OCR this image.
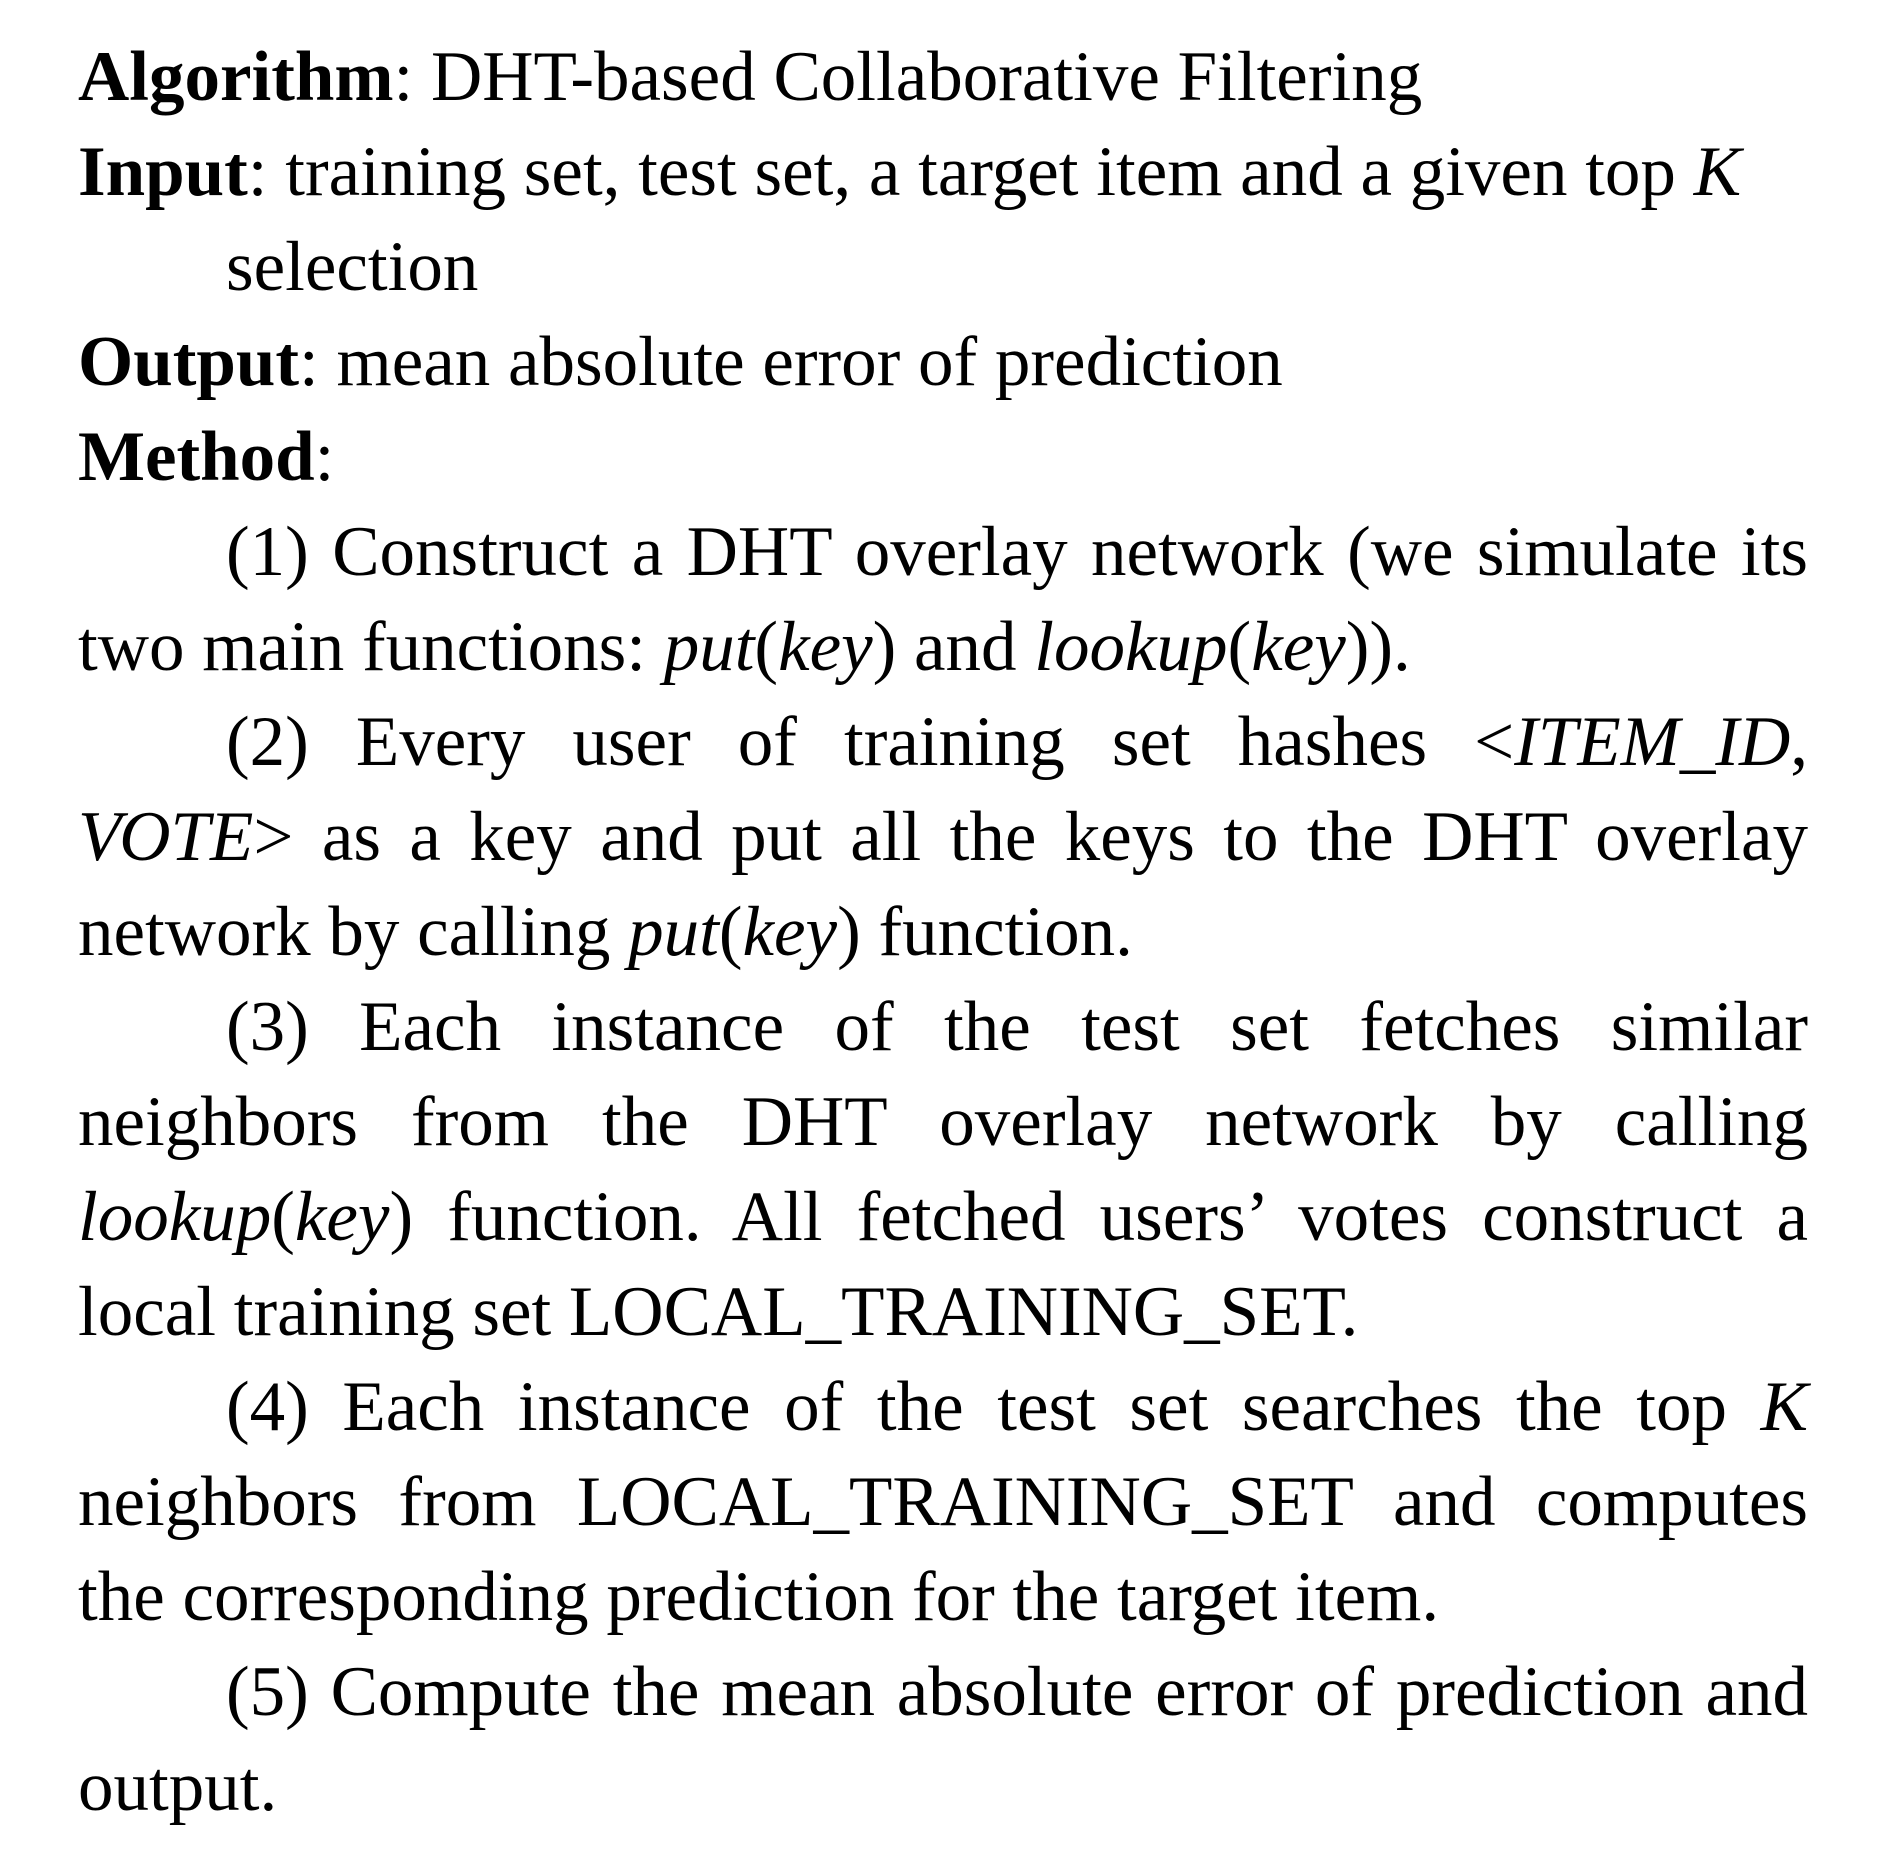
Algorithm: DHT-based Collaborative Filtering

Input: training set, test set, a target item and a given top K selection

Output: mean absolute error of prediction

Method:

(1) Construct a DHT overlay network (we simulate its two main functions: put(key) and lookup(key)).

(2) Every user of training set hashes <ITEM_ID, VOTE> as a key and put all the keys to the DHT overlay network by calling put(key) function.

(3) Each instance of the test set fetches similar neighbors from the DHT overlay network by calling lookup(key) function. All fetched users’ votes construct a local training set LOCAL_TRAINING_SET.

(4) Each instance of the test set searches the top K neighbors from LOCAL_TRAINING_SET and computes the corresponding prediction for the target item.

(5) Compute the mean absolute error of prediction and output.
